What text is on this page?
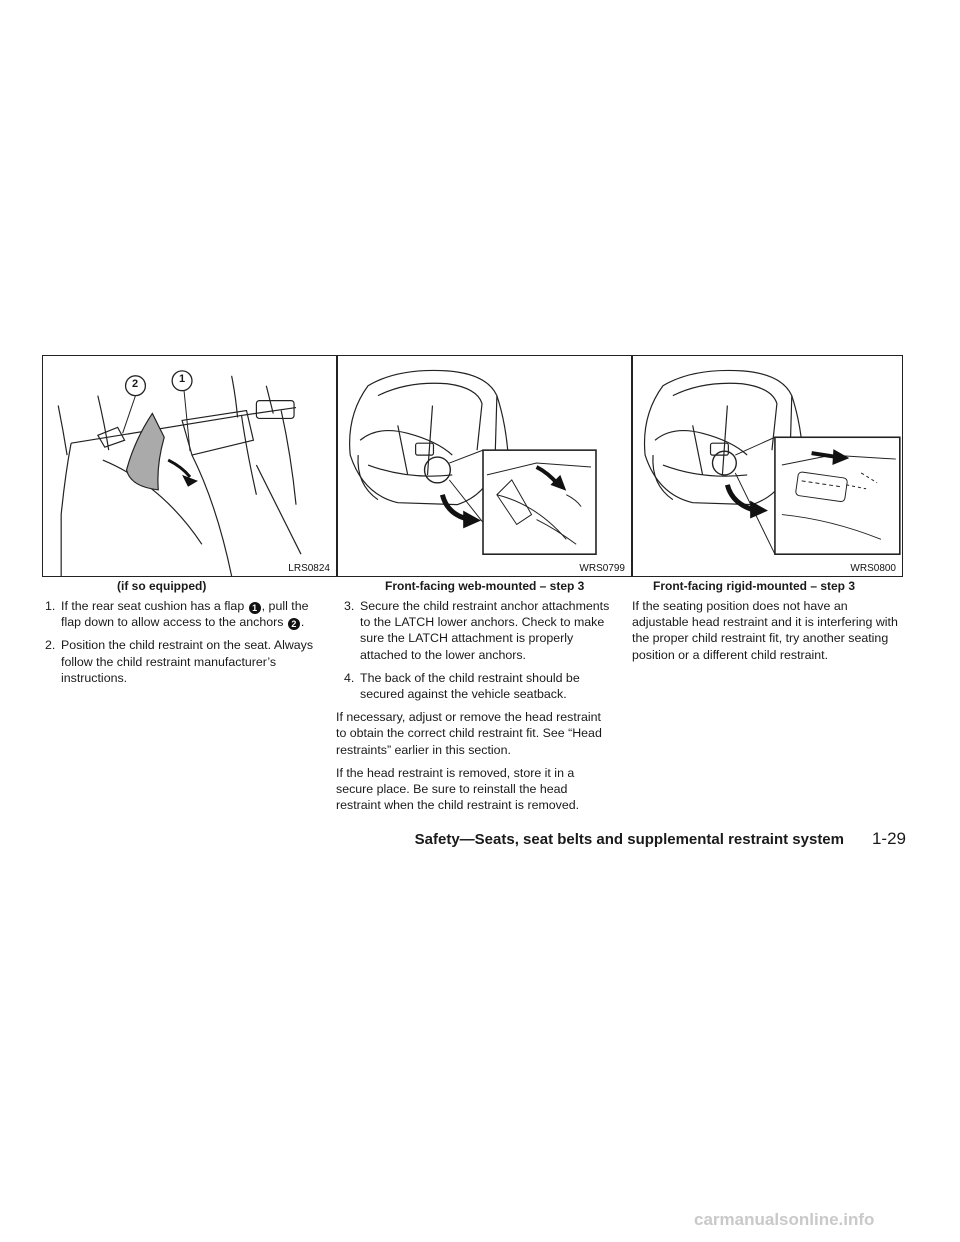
2	1
LRS0824	WRS0799	WRS0800
(if so equipped)	Front-facing web-mounted – step 3	Front-facing rigid-mounted – step 3
1. If the rear seat cushion has a flap 1 , pull the flap down to allow access to the anchors 2 .
2. Position the child restraint on the seat. Always follow the child restraint manufacturer’s instructions.
3. Secure the child restraint anchor attachments to the LATCH lower anchors. Check to make sure the LATCH attachment is properly attached to the lower anchors.
4. The back of the child restraint should be secured against the vehicle seatback.

If necessary, adjust or remove the head restraint to obtain the correct child restraint fit. See “Head restraints” earlier in this section.

If the head restraint is removed, store it in a secure place. Be sure to reinstall the head restraint when the child restraint is removed.

If the seating position does not have an adjustable head restraint and it is interfering with the proper child restraint fit, try another seating position or a different child restraint.

Safety—Seats, seat belts and supplemental restraint system 1-29
carmanualsonline.info
